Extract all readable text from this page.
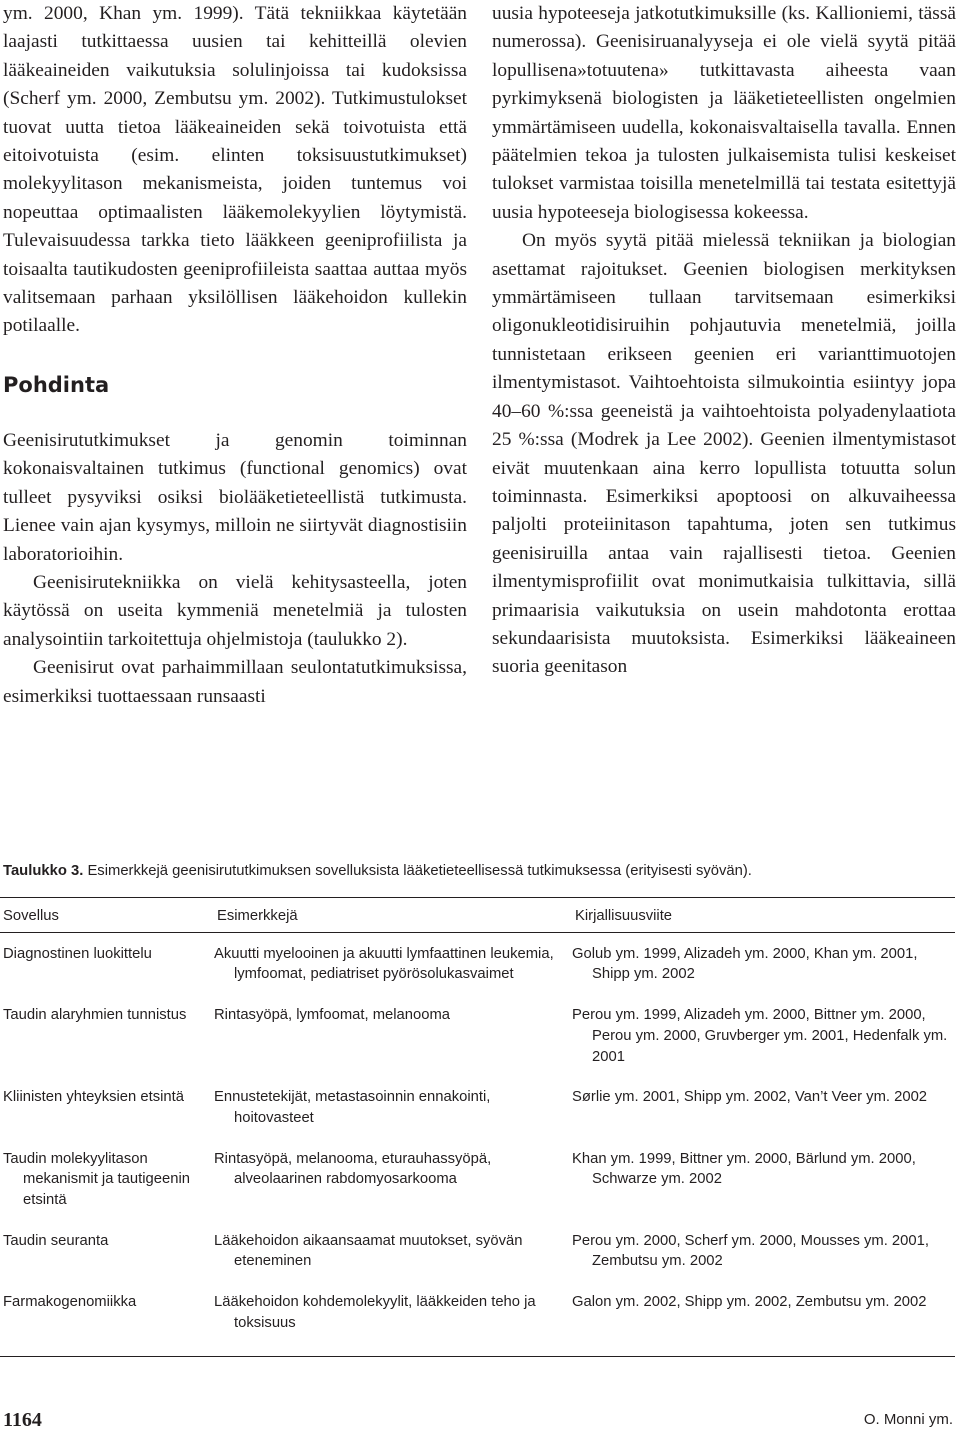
ym. 2000, Khan ym. 1999). Tätä tekniikkaa käytetään laajasti tutkittaessa uusien tai kehitteillä olevien lääkeaineiden vaikutuksia solulinjoissa tai kudoksissa (Scherf ym. 2000, Zembutsu ym. 2002). Tutkimustulokset tuovat uutta tietoa lääkeaineiden sekä toivotuista että eitoivotuista (esim. elinten toksisuustutkimukset) molekyylitason mekanismeista, joiden tuntemus voi nopeuttaa optimaalisten lääkemolekyylien löytymistä. Tulevaisuudessa tarkka tieto lääkkeen geeniprofiilista ja toisaalta tautikudosten geeniprofiileista saattaa auttaa myös valitsemaan parhaan yksilöllisen lääkehoidon kullekin potilaalle.

Pohdinta

Geenisirututkimukset ja genomin toiminnan kokonaisvaltainen tutkimus (functional genomics) ovat tulleet pysyviksi osiksi biolääketieteellistä tutkimusta. Lienee vain ajan kysymys, milloin ne siirtyvät diagnostisiin laboratorioihin.

Geenisirutekniikka on vielä kehitysasteella, joten käytössä on useita kymmeniä menetelmiä ja tulosten analysointiin tarkoitettuja ohjelmistoja (taulukko 2).

Geenisirut ovat parhaimmillaan seulontatutkimuksissa, esimerkiksi tuottaessaan runsaasti

uusia hypoteeseja jatkotutkimuksille (ks. Kallioniemi, tässä numerossa). Geenisiruanalyyseja ei ole vielä syytä pitää lopullisena»totuutena» tutkittavasta aiheesta vaan pyrkimyksenä biologisten ja lääketieteellisten ongelmien ymmärtämiseen uudella, kokonaisvaltaisella tavalla. Ennen päätelmien tekoa ja tulosten julkaisemista tulisi keskeiset tulokset varmistaa toisilla menetelmillä tai testata esitettyjä uusia hypoteeseja biologisessa kokeessa.

On myös syytä pitää mielessä tekniikan ja biologian asettamat rajoitukset. Geenien biologisen merkityksen ymmärtämiseen tullaan tarvitsemaan esimerkiksi oligonukleotidisiruihin pohjautuvia menetelmiä, joilla tunnistetaan erikseen geenien eri varianttimuotojen ilmentymistasot. Vaihtoehtoista silmukointia esiintyy jopa 40–60 %:ssa geeneistä ja vaihtoehtoista polyadenylaatiota 25 %:ssa (Modrek ja Lee 2002). Geenien ilmentymistasot eivät muutenkaan aina kerro lopullista totuutta solun toiminnasta. Esimerkiksi apoptoosi on alkuvaiheessa paljolti proteiinitason tapahtuma, joten sen tutkimus geenisiruilla antaa vain rajallisesti tietoa. Geenien ilmentymisprofiilit ovat monimutkaisia tulkittavia, sillä primaarisia vaikutuksia on usein mahdotonta erottaa sekundaarisista muutoksista. Esimerkiksi lääkeaineen suoria geenitason

Taulukko 3. Esimerkkejä geenisirututkimuksen sovelluksista lääketieteellisessä tutkimuksessa (erityisesti syövän).
Sovellus	Esimerkkejä	Kirjallisuusviite

Diagnostinen luokittelu	Akuutti myelooinen ja akuutti lymfaattinen leukemia, lymfoomat, pediatriset pyörösolukasvaimet	Golub ym. 1999, Alizadeh ym. 2000, Khan ym. 2001, Shipp ym. 2002

Taudin alaryhmien tunnistus	Rintasyöpä, lymfoomat, melanooma	Perou ym. 1999, Alizadeh ym. 2000, Bittner ym. 2000, Perou ym. 2000, Gruvberger ym. 2001, Hedenfalk ym. 2001

Kliinisten yhteyksien etsintä	Ennustetekijät, metastasoinnin ennakointi, hoitovasteet	Sørlie ym. 2001, Shipp ym. 2002, Van’t Veer ym. 2002

Taudin molekyylitason mekanismit ja tautigeenin etsintä	Rintasyöpä, melanooma, eturauhassyöpä, alveolaarinen rabdomyosarkooma	Khan ym. 1999, Bittner ym. 2000, Bärlund ym. 2000, Schwarze ym. 2002

Taudin seuranta	Lääkehoidon aikaansaamat muutokset, syövän eteneminen	Perou ym. 2000, Scherf ym. 2000, Mousses ym. 2001, Zembutsu ym. 2002

Farmakogenomiikka	Lääkehoidon kohdemolekyylit, lääkkeiden teho ja toksisuus	Galon ym. 2002, Shipp ym. 2002, Zembutsu ym. 2002
1164	O. Monni ym.
